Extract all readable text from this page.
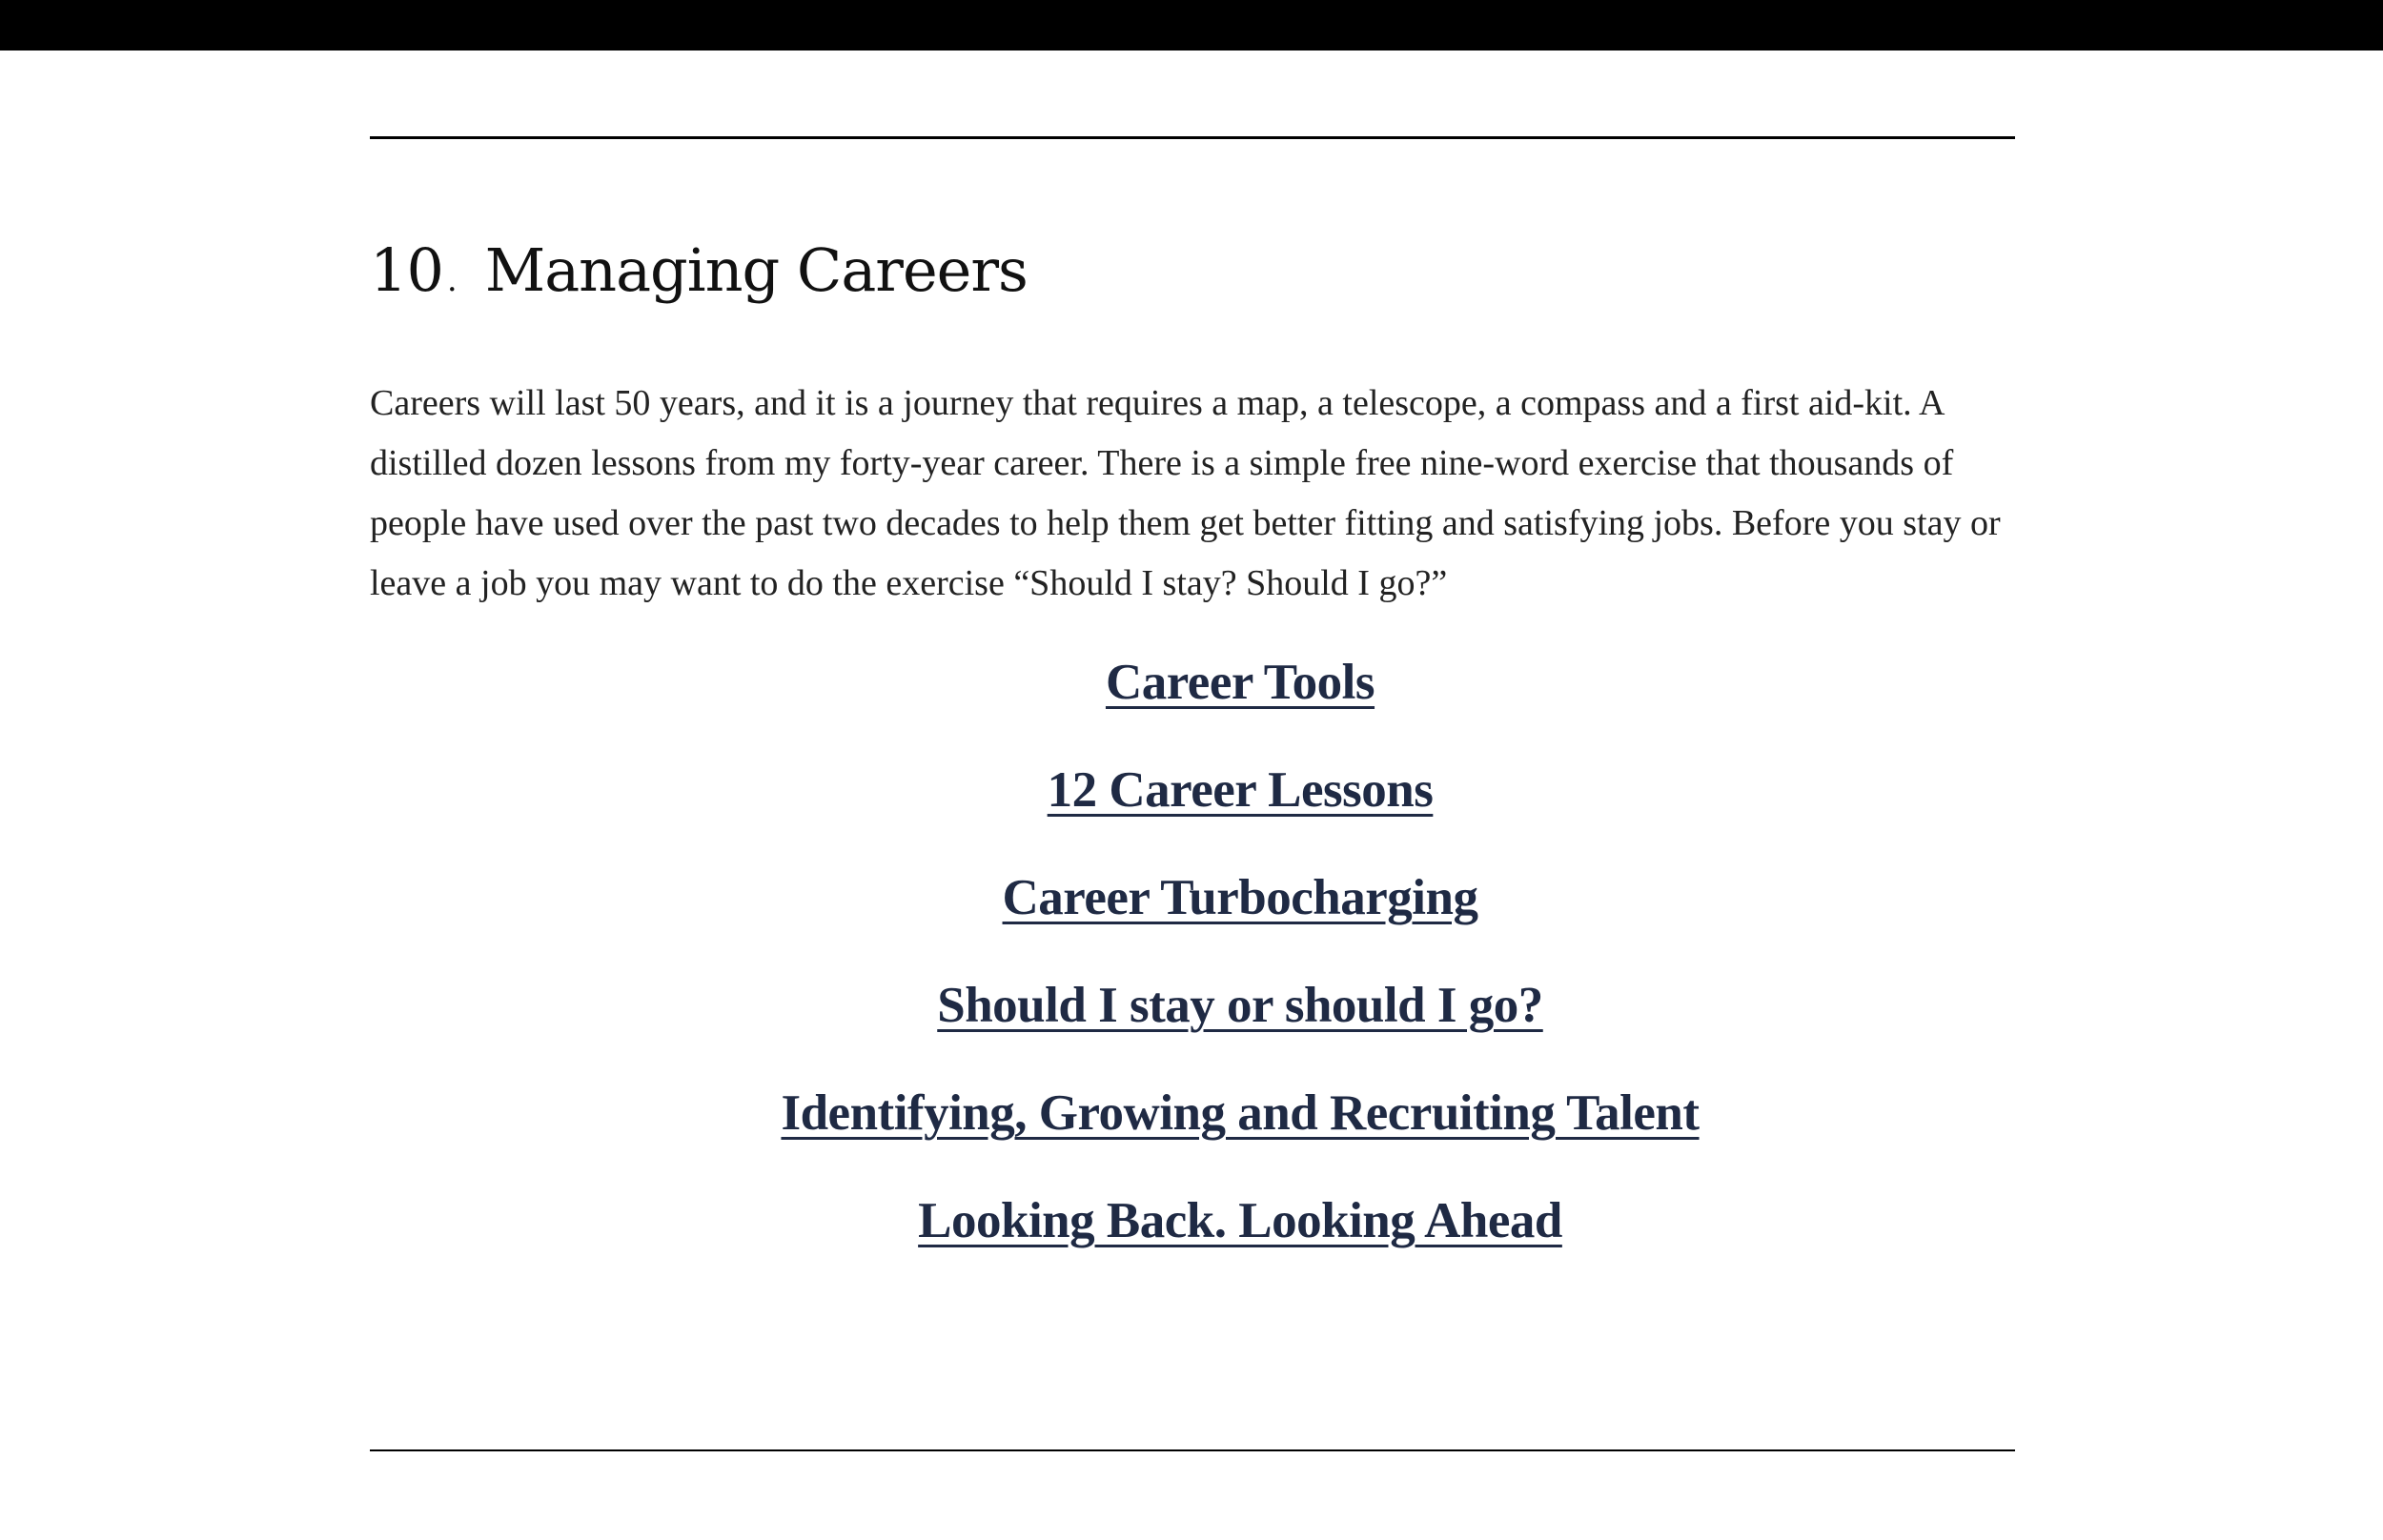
10 . Managing Careers

Careers will last 50 years, and it is a journey that requires a map, a telescope, a compass and a first aid-kit. A distilled dozen lessons from my forty-year career. There is a simple free nine-word exercise that thousands of people have used over the past two decades to help them get better fitting and satisfying jobs. Before you stay or leave a job you may want to do the exercise “Should I stay? Should I go?”

Career Tools
12 Career Lessons
Career Turbocharging
Should I stay or should I go?
Identifying, Growing and Recruiting Talent
Looking Back. Looking Ahead
